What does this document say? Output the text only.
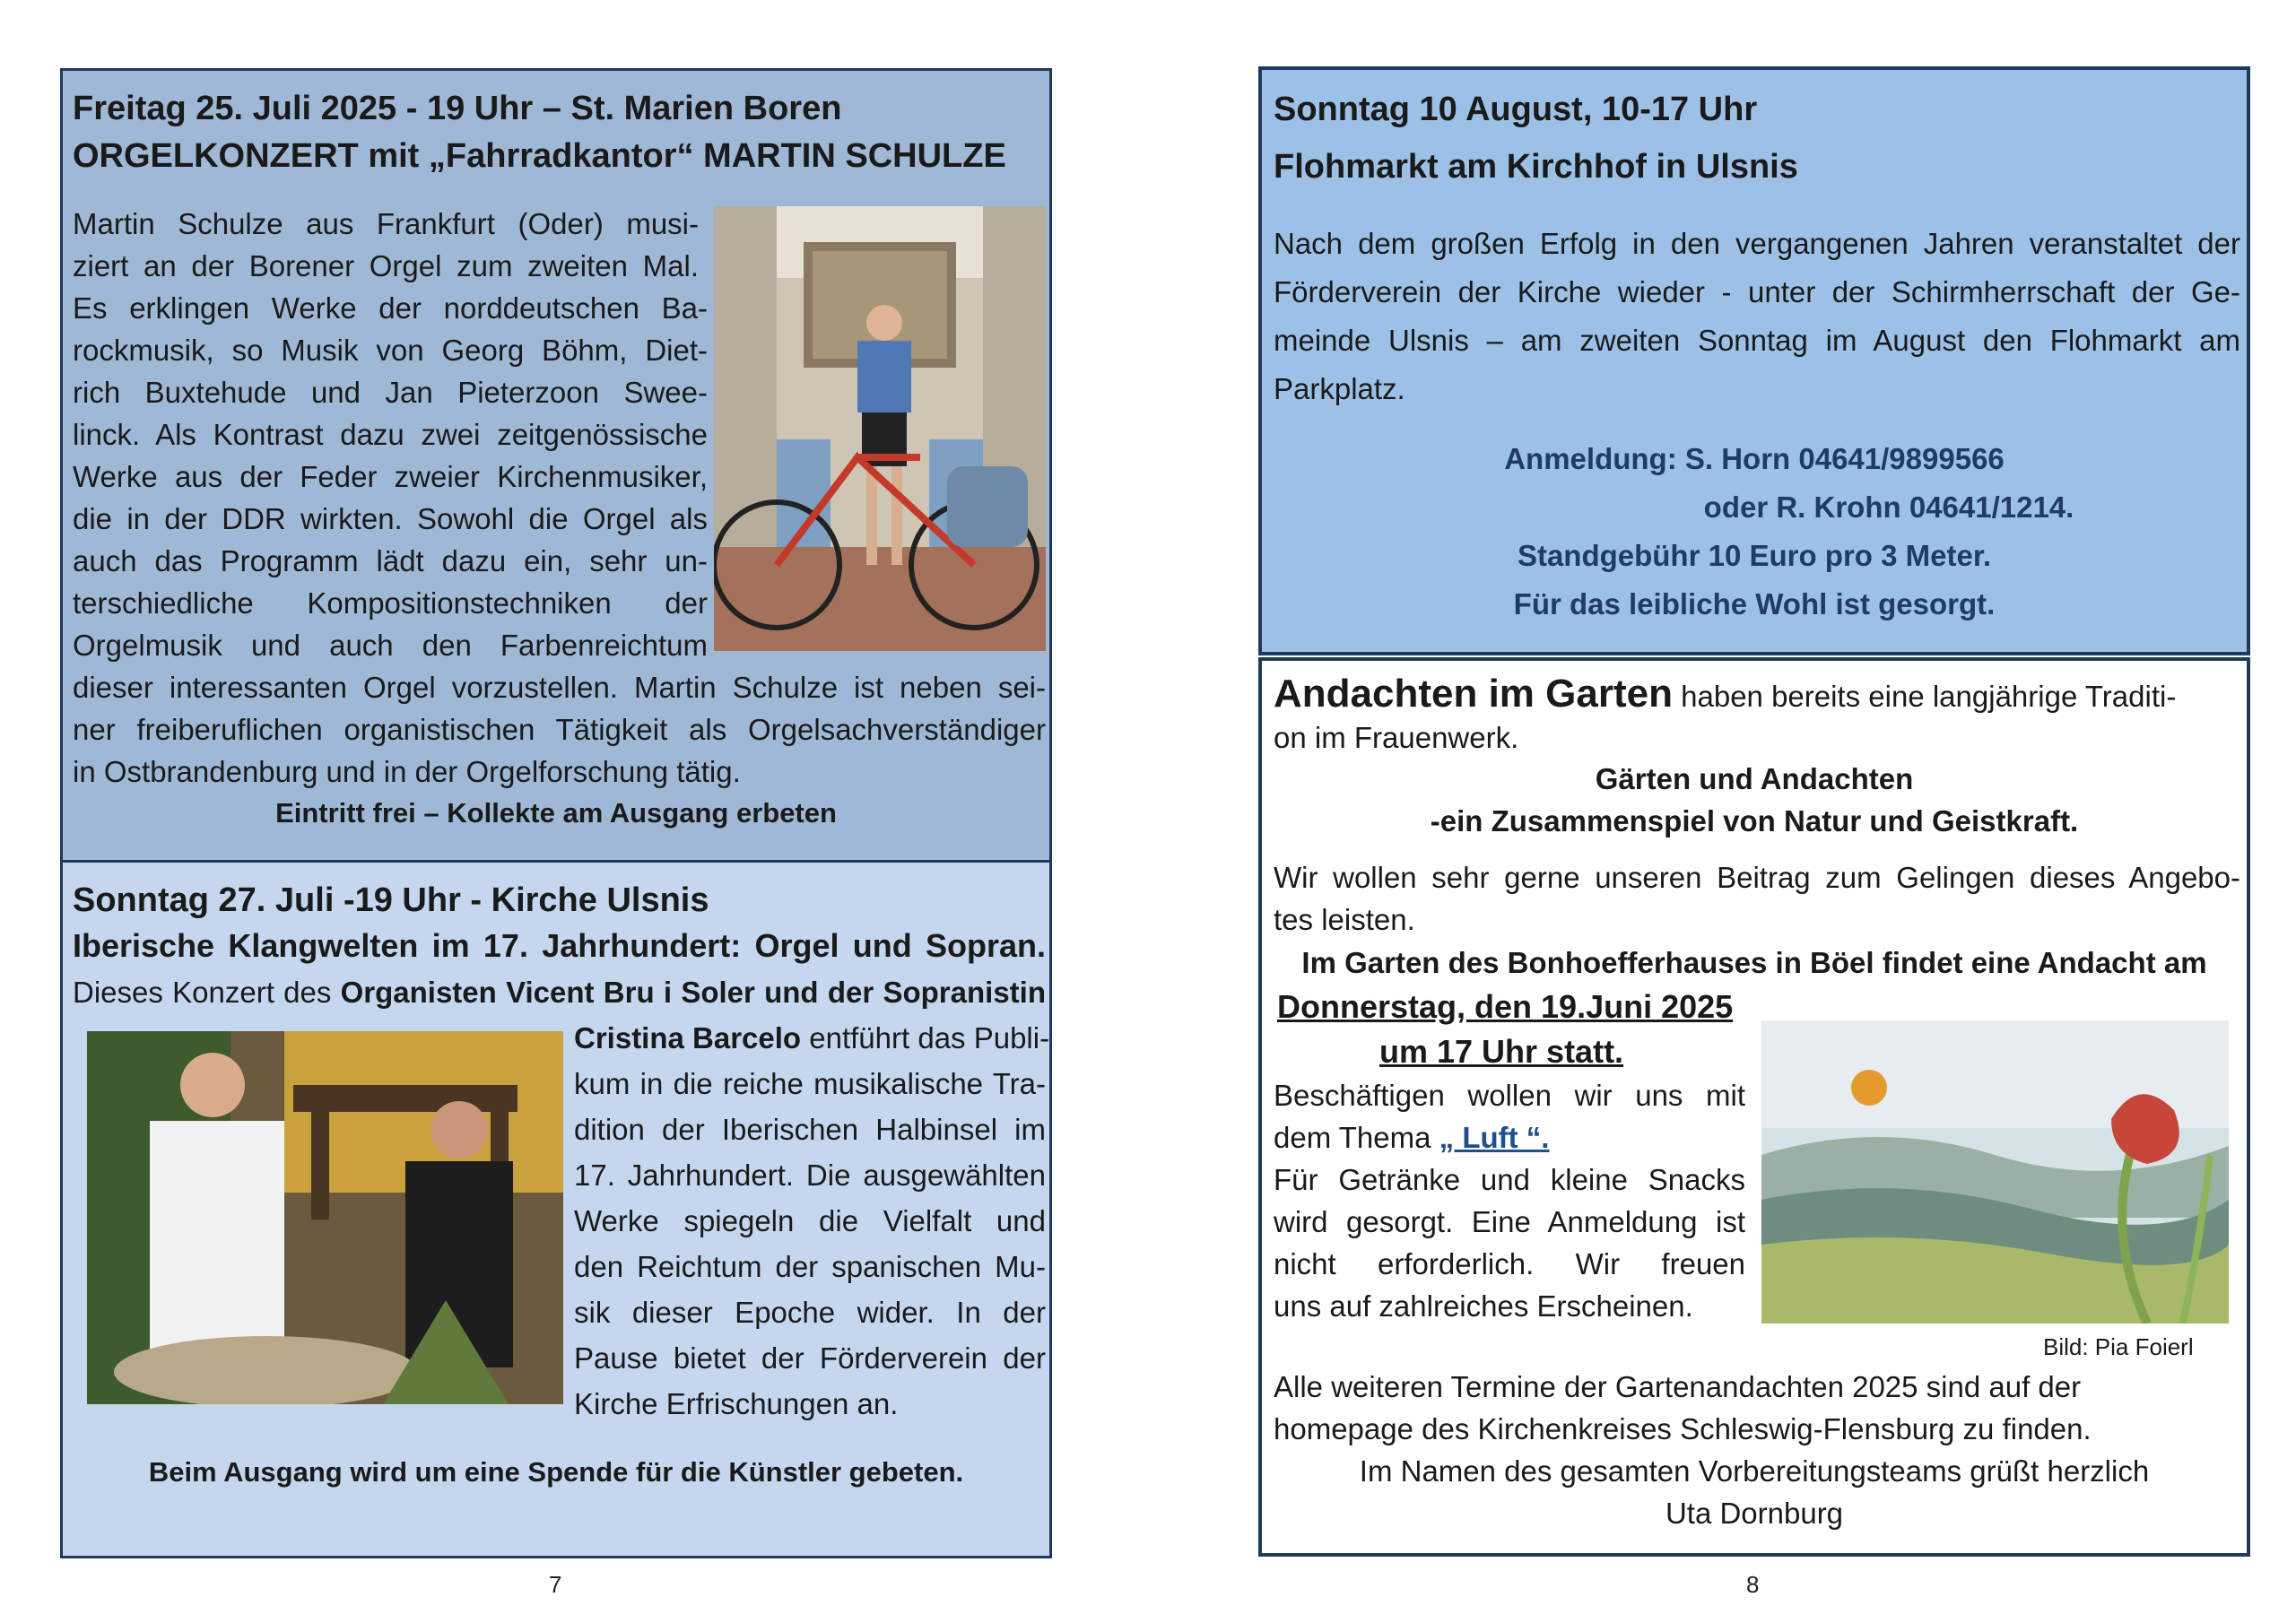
Freitag 25. Juli 2025 - 19 Uhr – St. Marien Boren
ORGELKONZERT mit „Fahrradkantor“ MARTIN SCHULZE
Martin Schulze aus Frankfurt (Oder) musi-
ziert an der Borener Orgel zum zweiten Mal.
Es erklingen Werke der norddeutschen Ba-
rockmusik, so Musik von Georg Böhm, Diet-
rich Buxtehude und Jan Pieterzoon Swee-
linck. Als Kontrast dazu zwei zeitgenössische
Werke aus der Feder zweier Kirchenmusiker,
die in der DDR wirkten. Sowohl die Orgel als
auch das Programm lädt dazu ein, sehr un-
terschiedliche Kompositionstechniken der
Orgelmusik und auch den Farbenreichtum
dieser interessanten Orgel vorzustellen. Martin Schulze ist neben sei-
ner freiberuflichen organistischen Tätigkeit als Orgelsachverständiger
in Ostbrandenburg und in der Orgelforschung tätig.
Eintritt frei – Kollekte am Ausgang erbeten
Sonntag 27. Juli -19 Uhr - Kirche Ulsnis
Iberische Klangwelten im 17. Jahrhundert: Orgel und Sopran.
Dieses Konzert des Organisten Vicent Bru i Soler und der Sopranistin
Cristina Barcelo entführt das Publi-
kum in die reiche musikalische Tra-
dition der Iberischen Halbinsel im
17. Jahrhundert. Die ausgewählten
Werke spiegeln die Vielfalt und
den Reichtum der spanischen Mu-
sik dieser Epoche wider. In der
Pause bietet der Förderverein der
Kirche Erfrischungen an.
Beim Ausgang wird um eine Spende für die Künstler gebeten.
7
Sonntag 10 August, 10-17 Uhr
Flohmarkt am Kirchhof in Ulsnis
Nach dem großen Erfolg in den vergangenen Jahren veranstaltet der
Förderverein der Kirche wieder - unter der Schirmherrschaft der Ge-
meinde Ulsnis – am zweiten Sonntag im August den Flohmarkt am
Parkplatz.
Anmeldung: S. Horn 04641/9899566
oder R. Krohn 04641/1214.
Standgebühr 10 Euro pro 3 Meter.
Für das leibliche Wohl ist gesorgt.
Andachten im Garten haben bereits eine langjährige Traditi-
on im Frauenwerk.
Gärten und Andachten
-ein Zusammenspiel von Natur und Geistkraft.
Wir wollen sehr gerne unseren Beitrag zum Gelingen dieses Angebo-
tes leisten.
Im Garten des Bonhoefferhauses in Böel findet eine Andacht am
Donnerstag, den 19.Juni 2025
um 17 Uhr statt.
Beschäftigen wollen wir uns mit
dem Thema „ Luft “.
Für Getränke und kleine Snacks
wird gesorgt. Eine Anmeldung ist
nicht erforderlich. Wir freuen
uns auf zahlreiches Erscheinen.
Bild: Pia Foierl
Alle weiteren Termine der Gartenandachten 2025 sind auf der
homepage des Kirchenkreises Schleswig-Flensburg zu finden.
Im Namen des gesamten Vorbereitungsteams grüßt herzlich
Uta Dornburg
8
